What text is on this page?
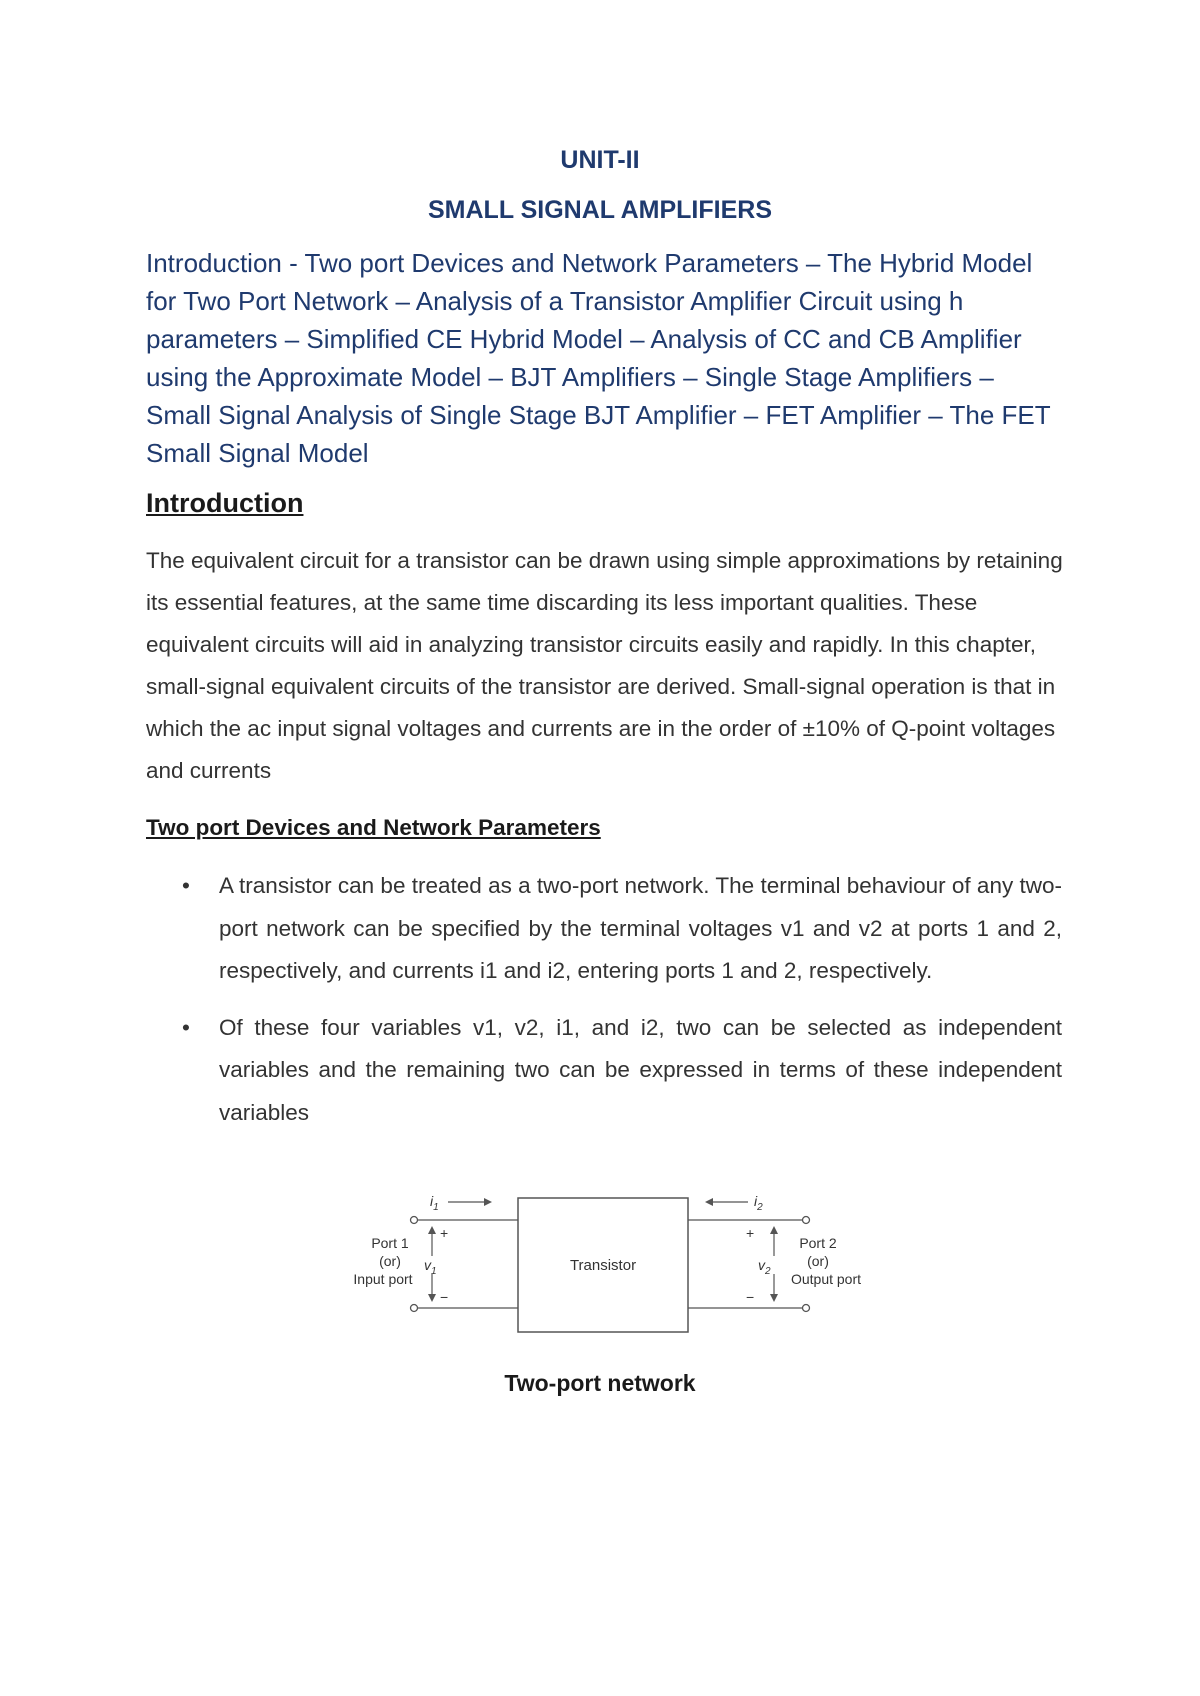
UNIT-II
SMALL SIGNAL AMPLIFIERS
Introduction - Two port Devices and Network Parameters – The Hybrid Model for Two Port Network – Analysis of a Transistor Amplifier Circuit using h parameters – Simplified CE Hybrid Model – Analysis of CC and CB Amplifier using the Approximate Model – BJT Amplifiers – Single Stage Amplifiers – Small Signal Analysis of Single Stage BJT Amplifier – FET Amplifier – The FET Small Signal Model
Introduction
The equivalent circuit for a transistor can be drawn using simple approximations by retaining its essential features, at the same time discarding its less important qualities. These equivalent circuits will aid in analyzing transistor circuits easily and rapidly. In this chapter, small-signal equivalent circuits of the transistor are derived. Small-signal operation is that in which the ac input signal voltages and currents are in the order of ±10% of Q-point voltages and currents
Two port Devices and Network Parameters
• A transistor can be treated as a two-port network. The terminal behaviour of any two-port network can be specified by the terminal voltages v1 and v2 at ports 1 and 2, respectively, and currents i1 and i2, entering ports 1 and 2, respectively.
• Of these four variables v1, v2, i1, and i2, two can be selected as independent variables and the remaining two can be expressed in terms of these independent variables
Transistor
$i_1$	$i_2$
+
$v_1$
−
+
$v_2$
−
Port 1
(or)
Input port
Port 2
(or)
Output port
Two-port network
